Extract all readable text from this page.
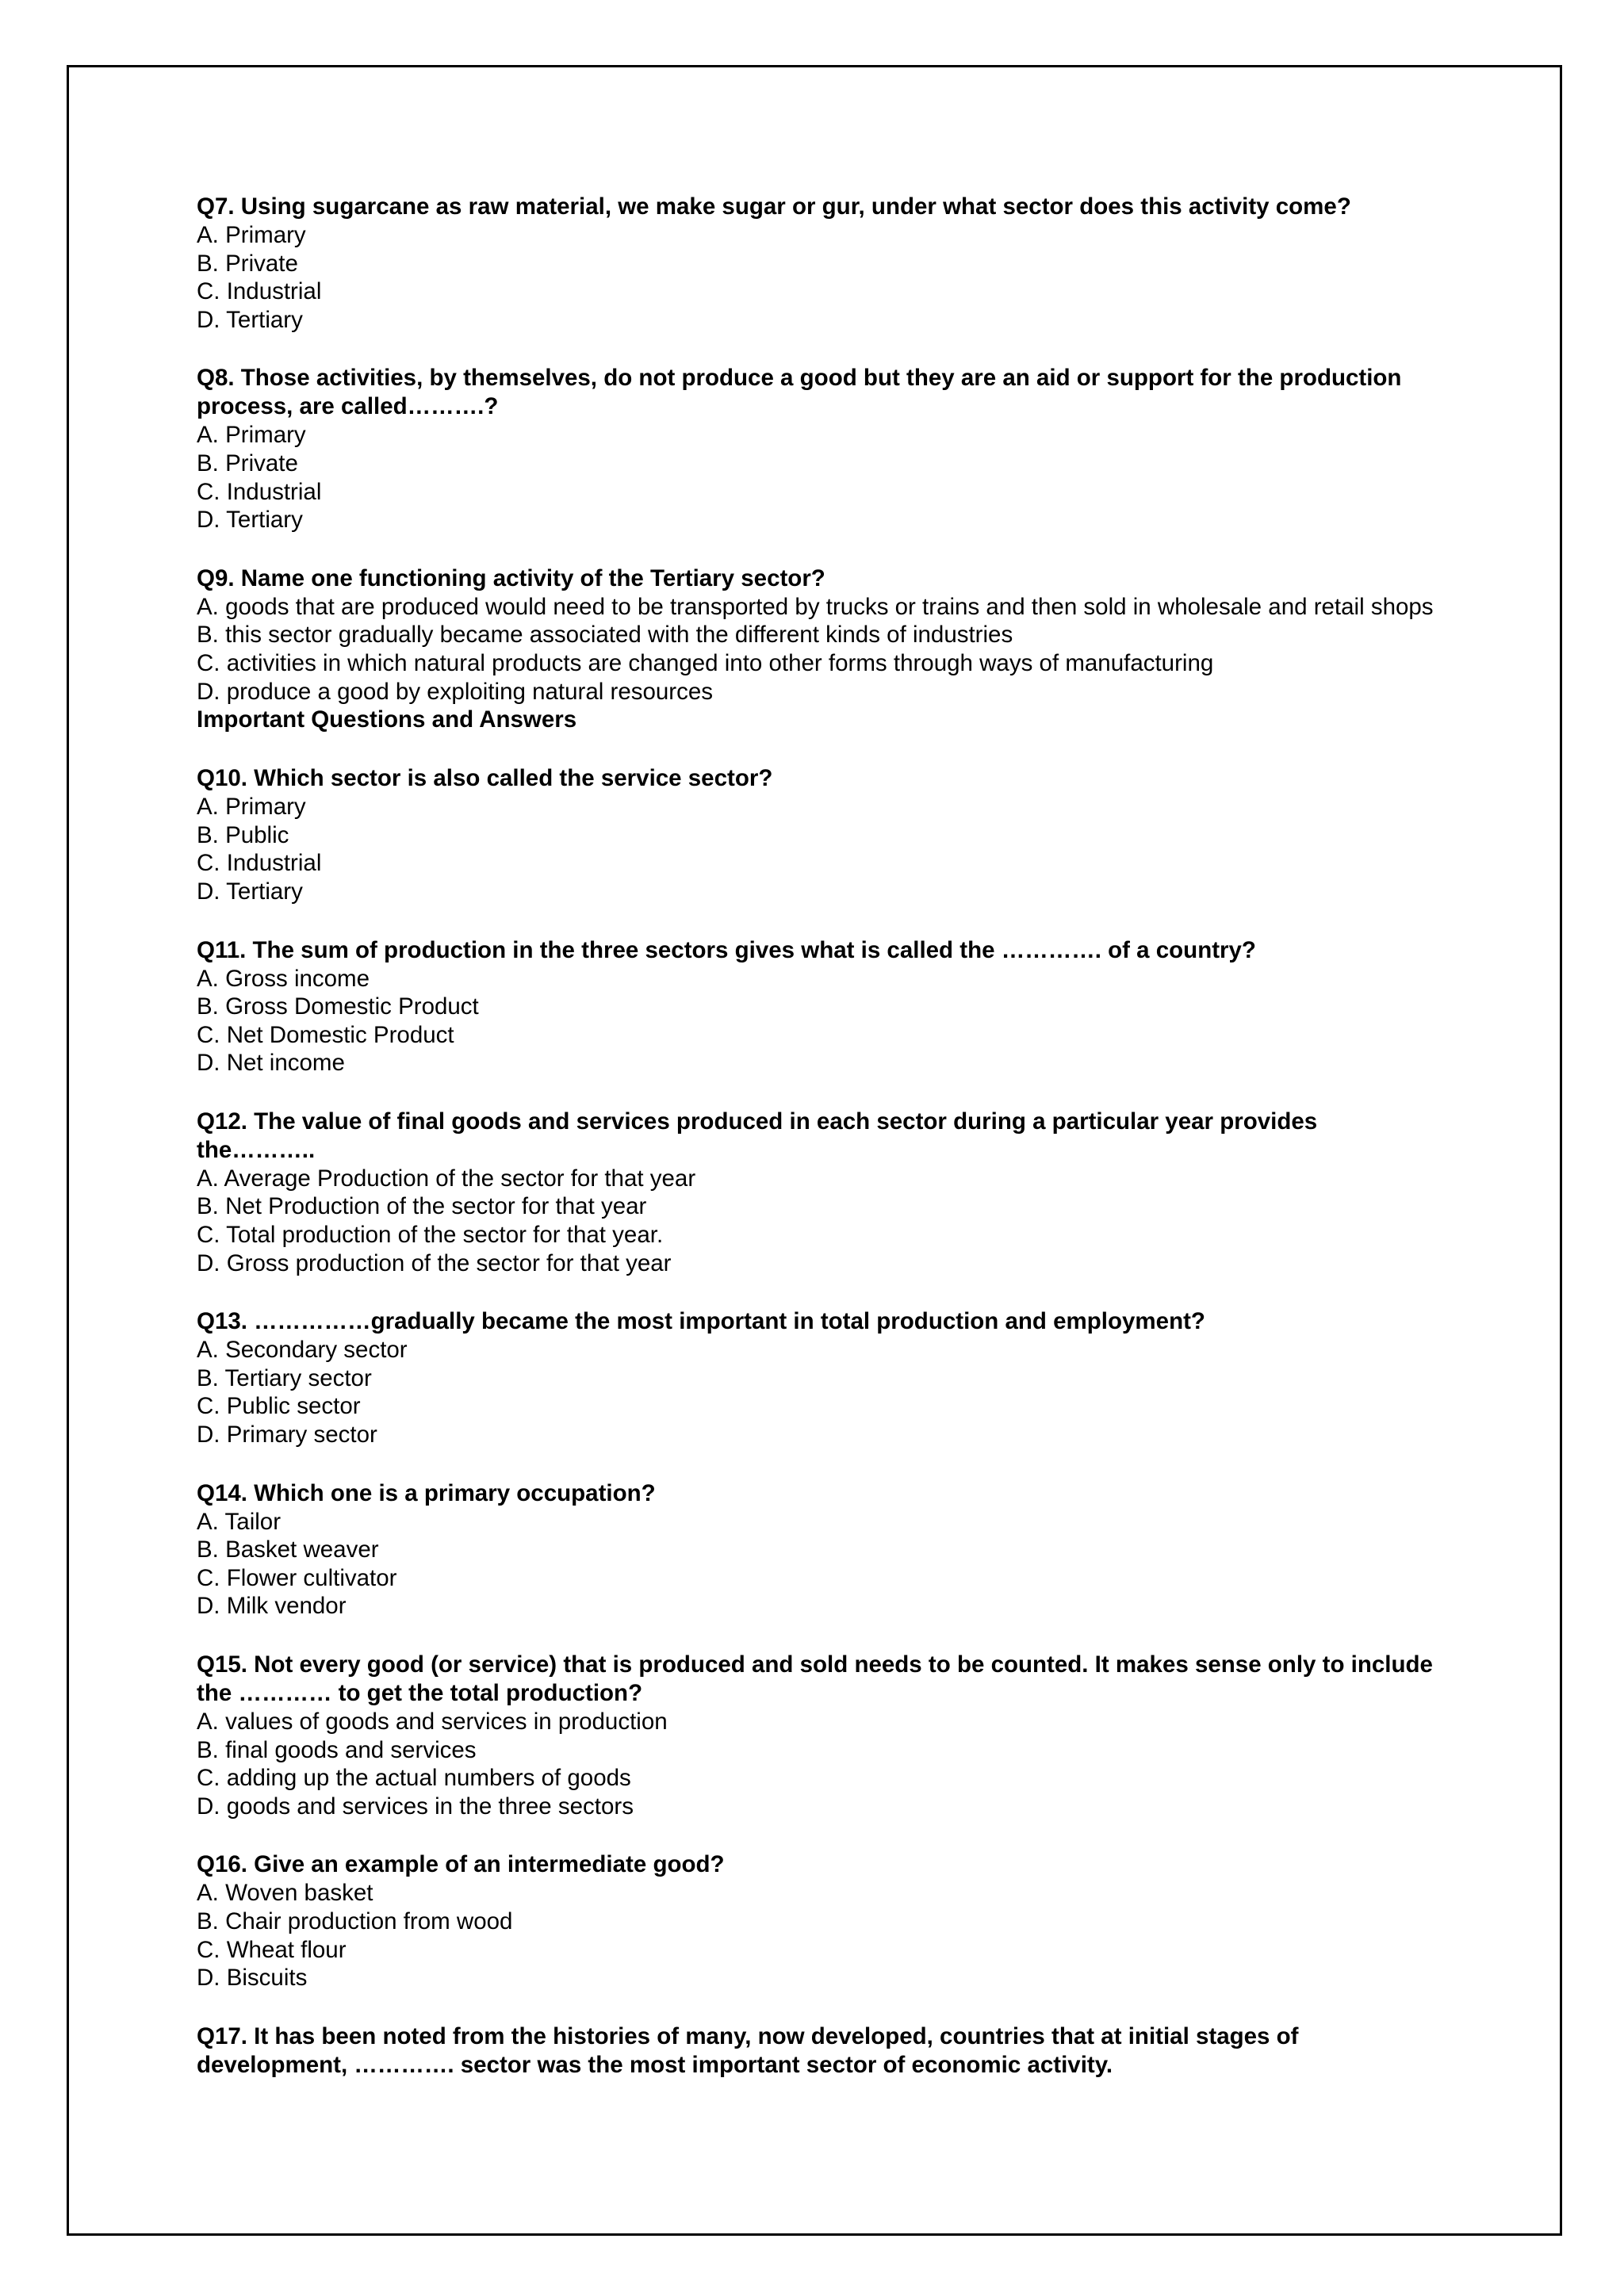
Q7. Using sugarcane as raw material, we make sugar or gur, under what sector does this activity come?
A. Primary
B. Private
C. Industrial
D. Tertiary
Q8. Those activities, by themselves, do not produce a good but they are an aid or support for the production process, are called……….?
A. Primary
B. Private
C. Industrial
D. Tertiary
Q9. Name one functioning activity of the Tertiary sector?
A. goods that are produced would need to be transported by trucks or trains and then sold in wholesale and retail shops
B. this sector gradually became associated with the different kinds of industries
C. activities in which natural products are changed into other forms through ways of manufacturing
D. produce a good by exploiting natural resources
Important Questions and Answers
Q10. Which sector is also called the service sector?
A. Primary
B. Public
C. Industrial
D. Tertiary
Q11. The sum of production in the three sectors gives what is called the …………. of a country?
A. Gross income
B. Gross Domestic Product
C. Net Domestic Product
D. Net income
Q12. The value of final goods and services produced in each sector during a particular year provides the………..
A. Average Production of the sector for that year
B. Net Production of the sector for that year
C. Total production of the sector for that year.
D. Gross production of the sector for that year
Q13. ……………gradually became the most important in total production and employment?
A. Secondary sector
B. Tertiary sector
C. Public sector
D. Primary sector
Q14. Which one is a primary occupation?
A. Tailor
B. Basket weaver
C. Flower cultivator
D. Milk vendor
Q15. Not every good (or service) that is produced and sold needs to be counted. It makes sense only to include the ………… to get the total production?
A. values of goods and services in production
B. final goods and services
C. adding up the actual numbers of goods
D. goods and services in the three sectors
Q16. Give an example of an intermediate good?
A. Woven basket
B. Chair production from wood
C. Wheat flour
D. Biscuits
Q17. It has been noted from the histories of many, now developed, countries that at initial stages of development, …………. sector was the most important sector of economic activity.
